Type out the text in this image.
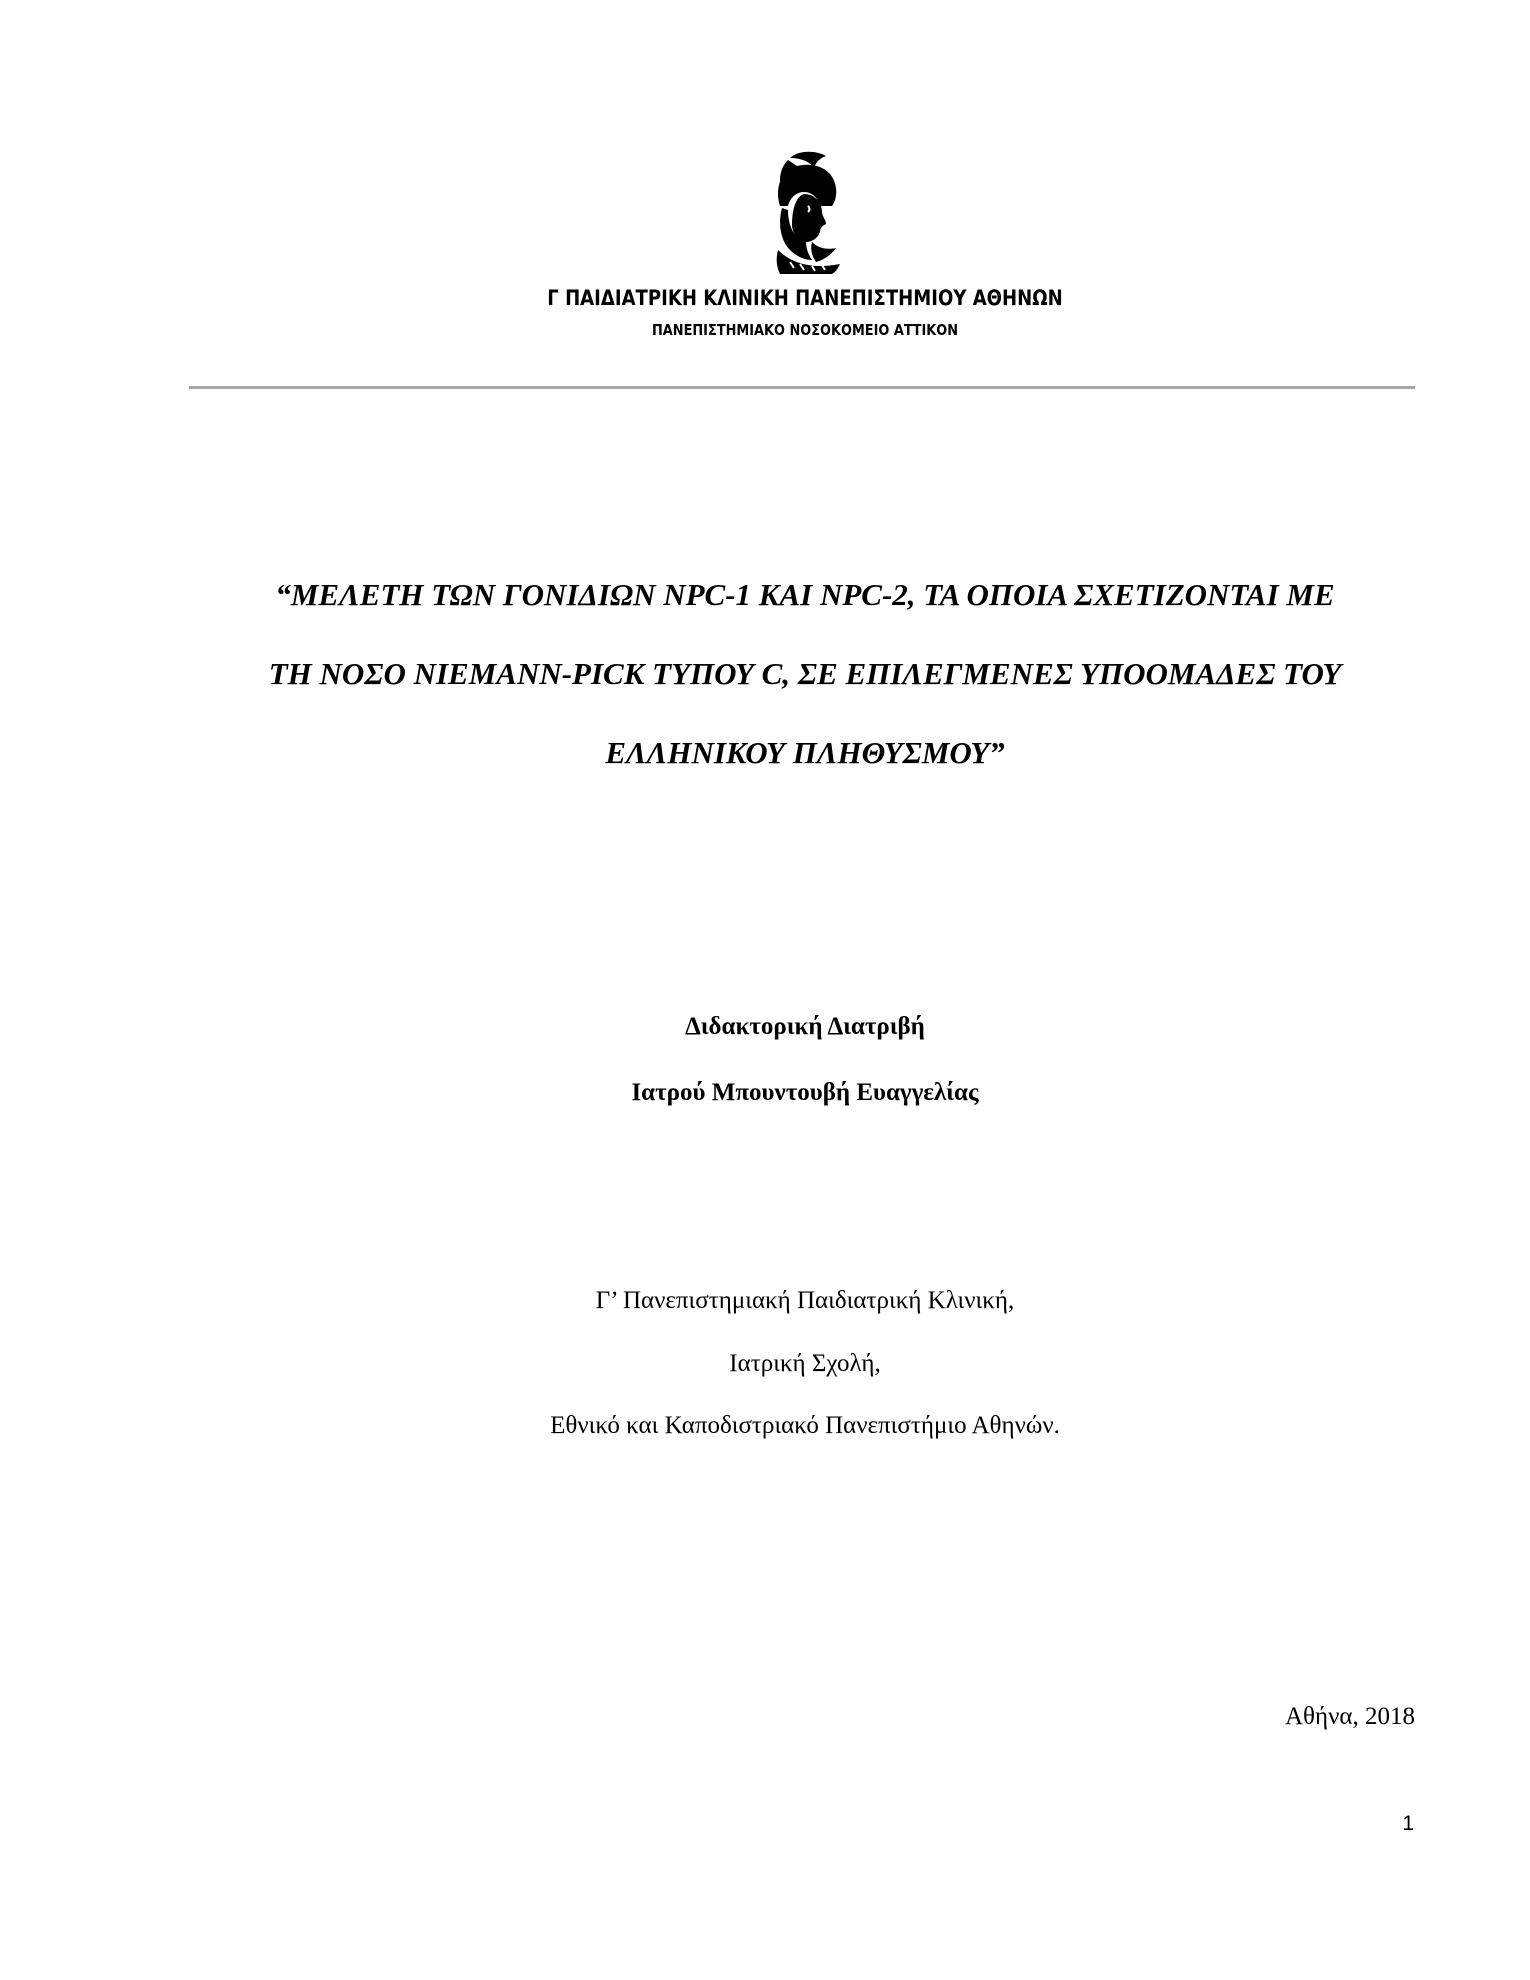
Γ ΠΑΙΔΙΑΤΡΙΚΗ ΚΛΙΝΙΚΗ ΠΑΝΕΠΙΣΤΗΜΙΟΥ ΑΘΗΝΩΝ
ΠΑΝΕΠΙΣΤΗΜΙΑΚΟ ΝΟΣΟΚΟΜΕΙΟ ΑΤΤΙΚΟΝ
“ΜΕΛΕΤΗ ΤΩΝ ΓΟΝΙΔΙΩΝ NPC-1 ΚΑΙ NPC-2, ΤΑ ΟΠΟΙΑ ΣΧΕΤΙΖΟΝΤΑΙ ΜΕ
ΤΗ ΝΟΣΟ NIEMANN-PICK ΤΥΠΟΥ C, ΣΕ ΕΠΙΛΕΓΜΕΝΕΣ ΥΠΟΟΜΑΔΕΣ ΤΟΥ
ΕΛΛΗΝΙΚΟΥ ΠΛΗΘΥΣΜΟΥ”
Διδακτορική Διατριβή
Ιατρού Μπουντουβή Ευαγγελίας
Γ’ Πανεπιστημιακή Παιδιατρική Κλινική,
Ιατρική Σχολή,
Εθνικό και Καποδιστριακό Πανεπιστήμιο Αθηνών.
Αθήνα, 2018
1
